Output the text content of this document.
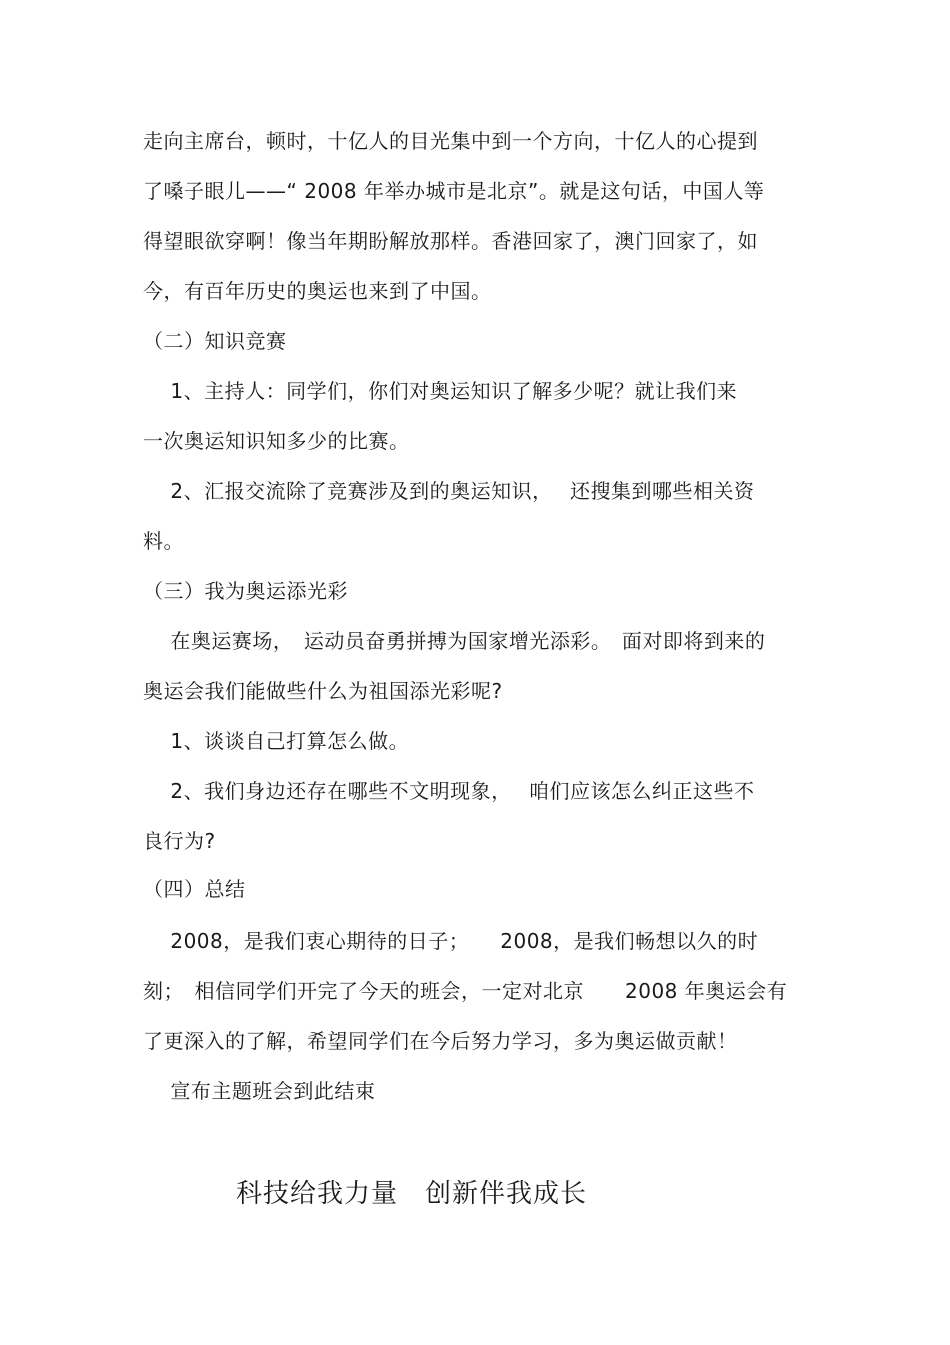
走向主席台，顿时，十亿人的目光集中到一个方向，十亿人的心提到
了嗓子眼儿——“ 2008 年举办城市是北京”。就是这句话，中国人等
得望眼欲穿啊！像当年期盼解放那样。香港回家了，澳门回家了，如
今，有百年历史的奥运也来到了中国。
（二）知识竞赛
　 1、主持人：同学们，你们对奥运知识了解多少呢？就让我们来
一次奥运知识知多少的比赛。
　 2、汇报交流除了竞赛涉及到的奥运知识，　 还搜集到哪些相关资
料。
（三）我为奥运添光彩
　 在奥运赛场，　运动员奋勇拼搏为国家增光添彩。　面对即将到来的
奥运会我们能做些什么为祖国添光彩呢?
　 1、谈谈自己打算怎么做。
　 2、我们身边还存在哪些不文明现象，　 咱们应该怎么纠正这些不
良行为?
（四）总结
　 2008，是我们衷心期待的日子；　　2008，是我们畅想以久的时
刻；　相信同学们开完了今天的班会，一定对北京　　2008 年奥运会有
了更深入的了解，希望同学们在今后努力学习，多为奥运做贡献！
　 宣布主题班会到此结束
科技给我力量　创新伴我成长
